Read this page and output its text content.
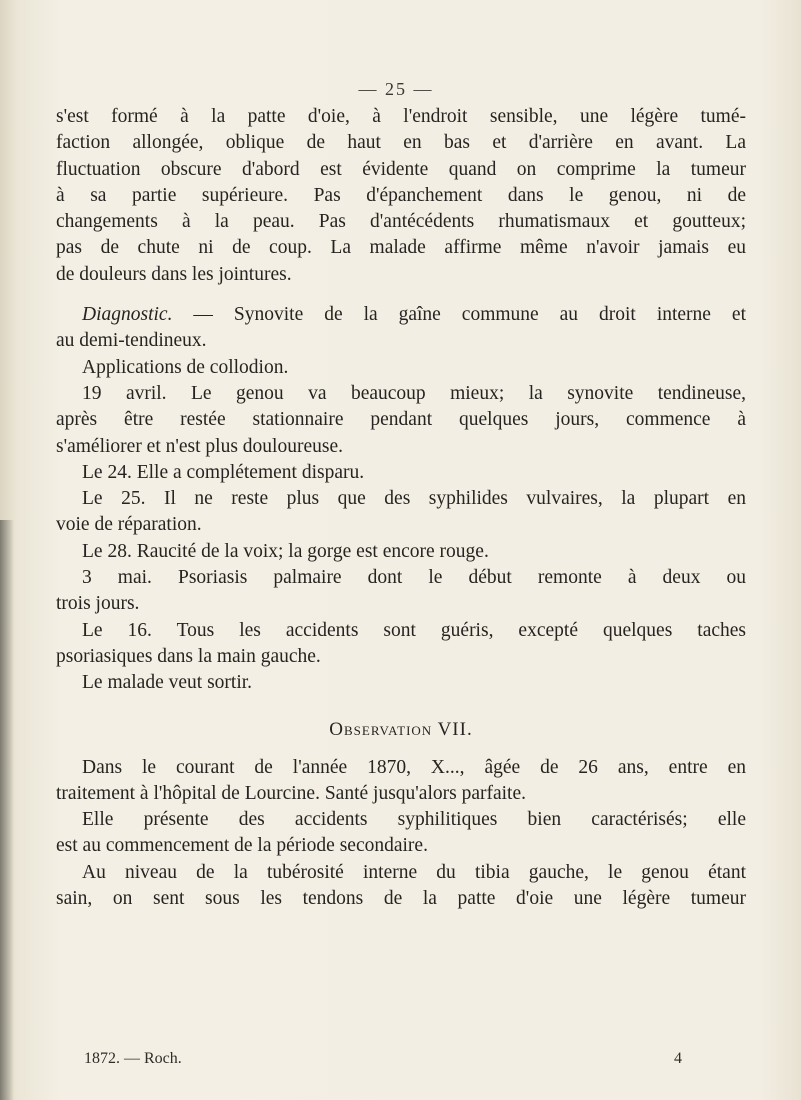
— 25 —

s'est formé à la patte d'oie, à l'endroit sensible, une légère tumé-

faction allongée, oblique de haut en bas et d'arrière en avant. La

fluctuation obscure d'abord est évidente quand on comprime la tumeur

à sa partie supérieure. Pas d'épanchement dans le genou, ni de

changements à la peau. Pas d'antécédents rhumatismaux et goutteux;

pas de chute ni de coup. La malade affirme même n'avoir jamais eu

de douleurs dans les jointures.

Diagnostic. — Synovite de la gaîne commune au droit interne et

au demi-tendineux.

Applications de collodion.

19 avril. Le genou va beaucoup mieux; la synovite tendineuse,

après être restée stationnaire pendant quelques jours, commence à

s'améliorer et n'est plus douloureuse.

Le 24. Elle a complétement disparu.

Le 25. Il ne reste plus que des syphilides vulvaires, la plupart en

voie de réparation.

Le 28. Raucité de la voix; la gorge est encore rouge.

3 mai. Psoriasis palmaire dont le début remonte à deux ou

trois jours.

Le 16. Tous les accidents sont guéris, excepté quelques taches

psoriasiques dans la main gauche.

Le malade veut sortir.

Observation VII.

Dans le courant de l'année 1870, X..., âgée de 26 ans, entre en

traitement à l'hôpital de Lourcine. Santé jusqu'alors parfaite.

Elle présente des accidents syphilitiques bien caractérisés; elle

est au commencement de la période secondaire.

Au niveau de la tubérosité interne du tibia gauche, le genou étant

sain, on sent sous les tendons de la patte d'oie une légère tumeur

1872. — Roch.	4
